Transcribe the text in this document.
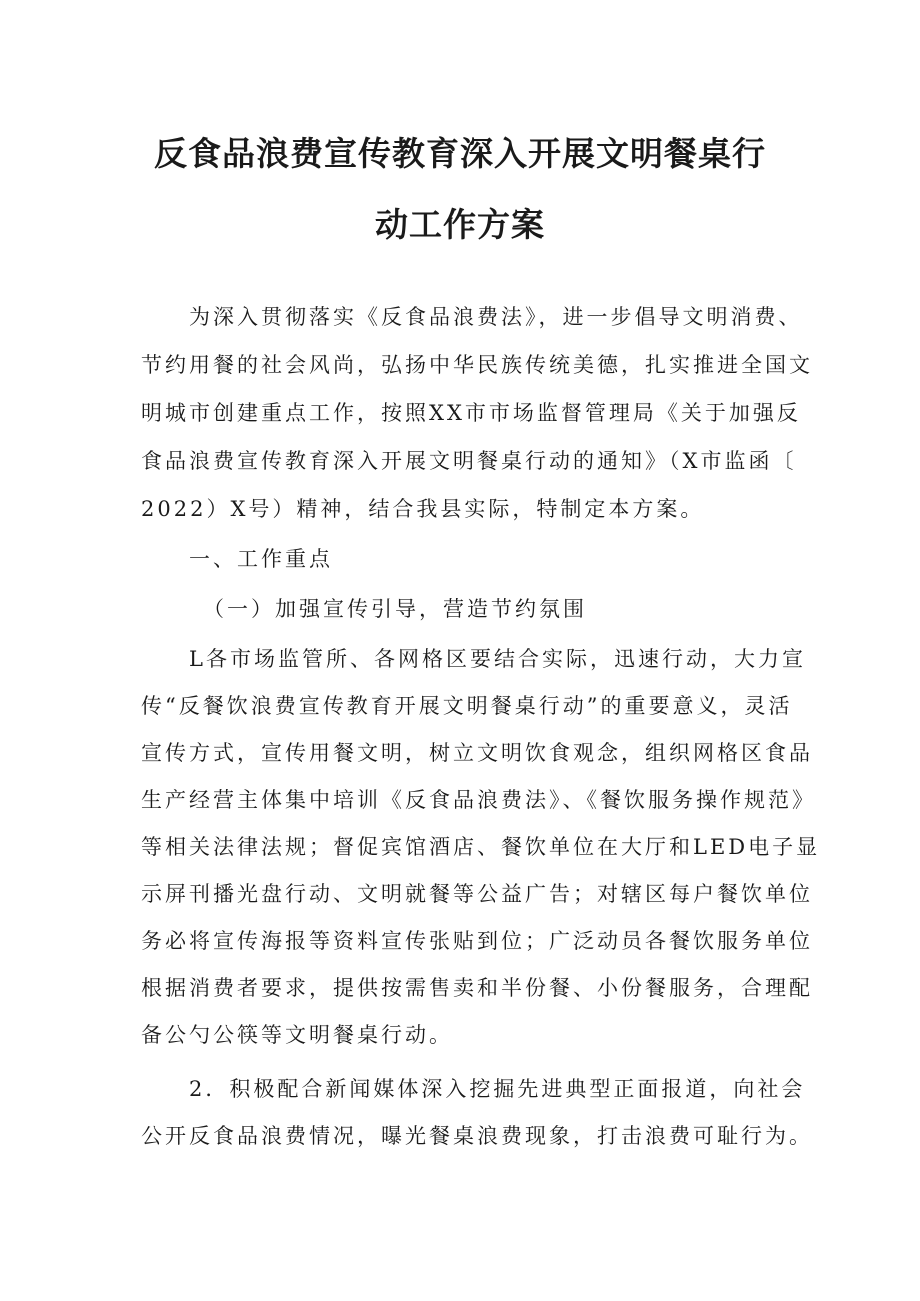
反食品浪费宣传教育深入开展文明餐桌行
动工作方案

为深入贯彻落实《反食品浪费法》，进一步倡导文明消费、

节约用餐的社会风尚，弘扬中华民族传统美德，扎实推进全国文

明城市创建重点工作，按照XX市市场监督管理局《关于加强反

食品浪费宣传教育深入开展文明餐桌行动的通知》（X市监函〔

2022）X号）精神，结合我县实际，特制定本方案。

一、工作重点

（一）加强宣传引导，营造节约氛围

L各市场监管所、各网格区要结合实际，迅速行动，大力宣

传“反餐饮浪费宣传教育开展文明餐桌行动”的重要意义，灵活

宣传方式，宣传用餐文明，树立文明饮食观念，组织网格区食品

生产经营主体集中培训《反食品浪费法》、《餐饮服务操作规范》

等相关法律法规；督促宾馆酒店、餐饮单位在大厅和LED电子显

示屏刊播光盘行动、文明就餐等公益广告；对辖区每户餐饮单位

务必将宣传海报等资料宣传张贴到位；广泛动员各餐饮服务单位

根据消费者要求，提供按需售卖和半份餐、小份餐服务，合理配

备公勺公筷等文明餐桌行动。

2．积极配合新闻媒体深入挖掘先进典型正面报道，向社会

公开反食品浪费情况，曝光餐桌浪费现象，打击浪费可耻行为。
